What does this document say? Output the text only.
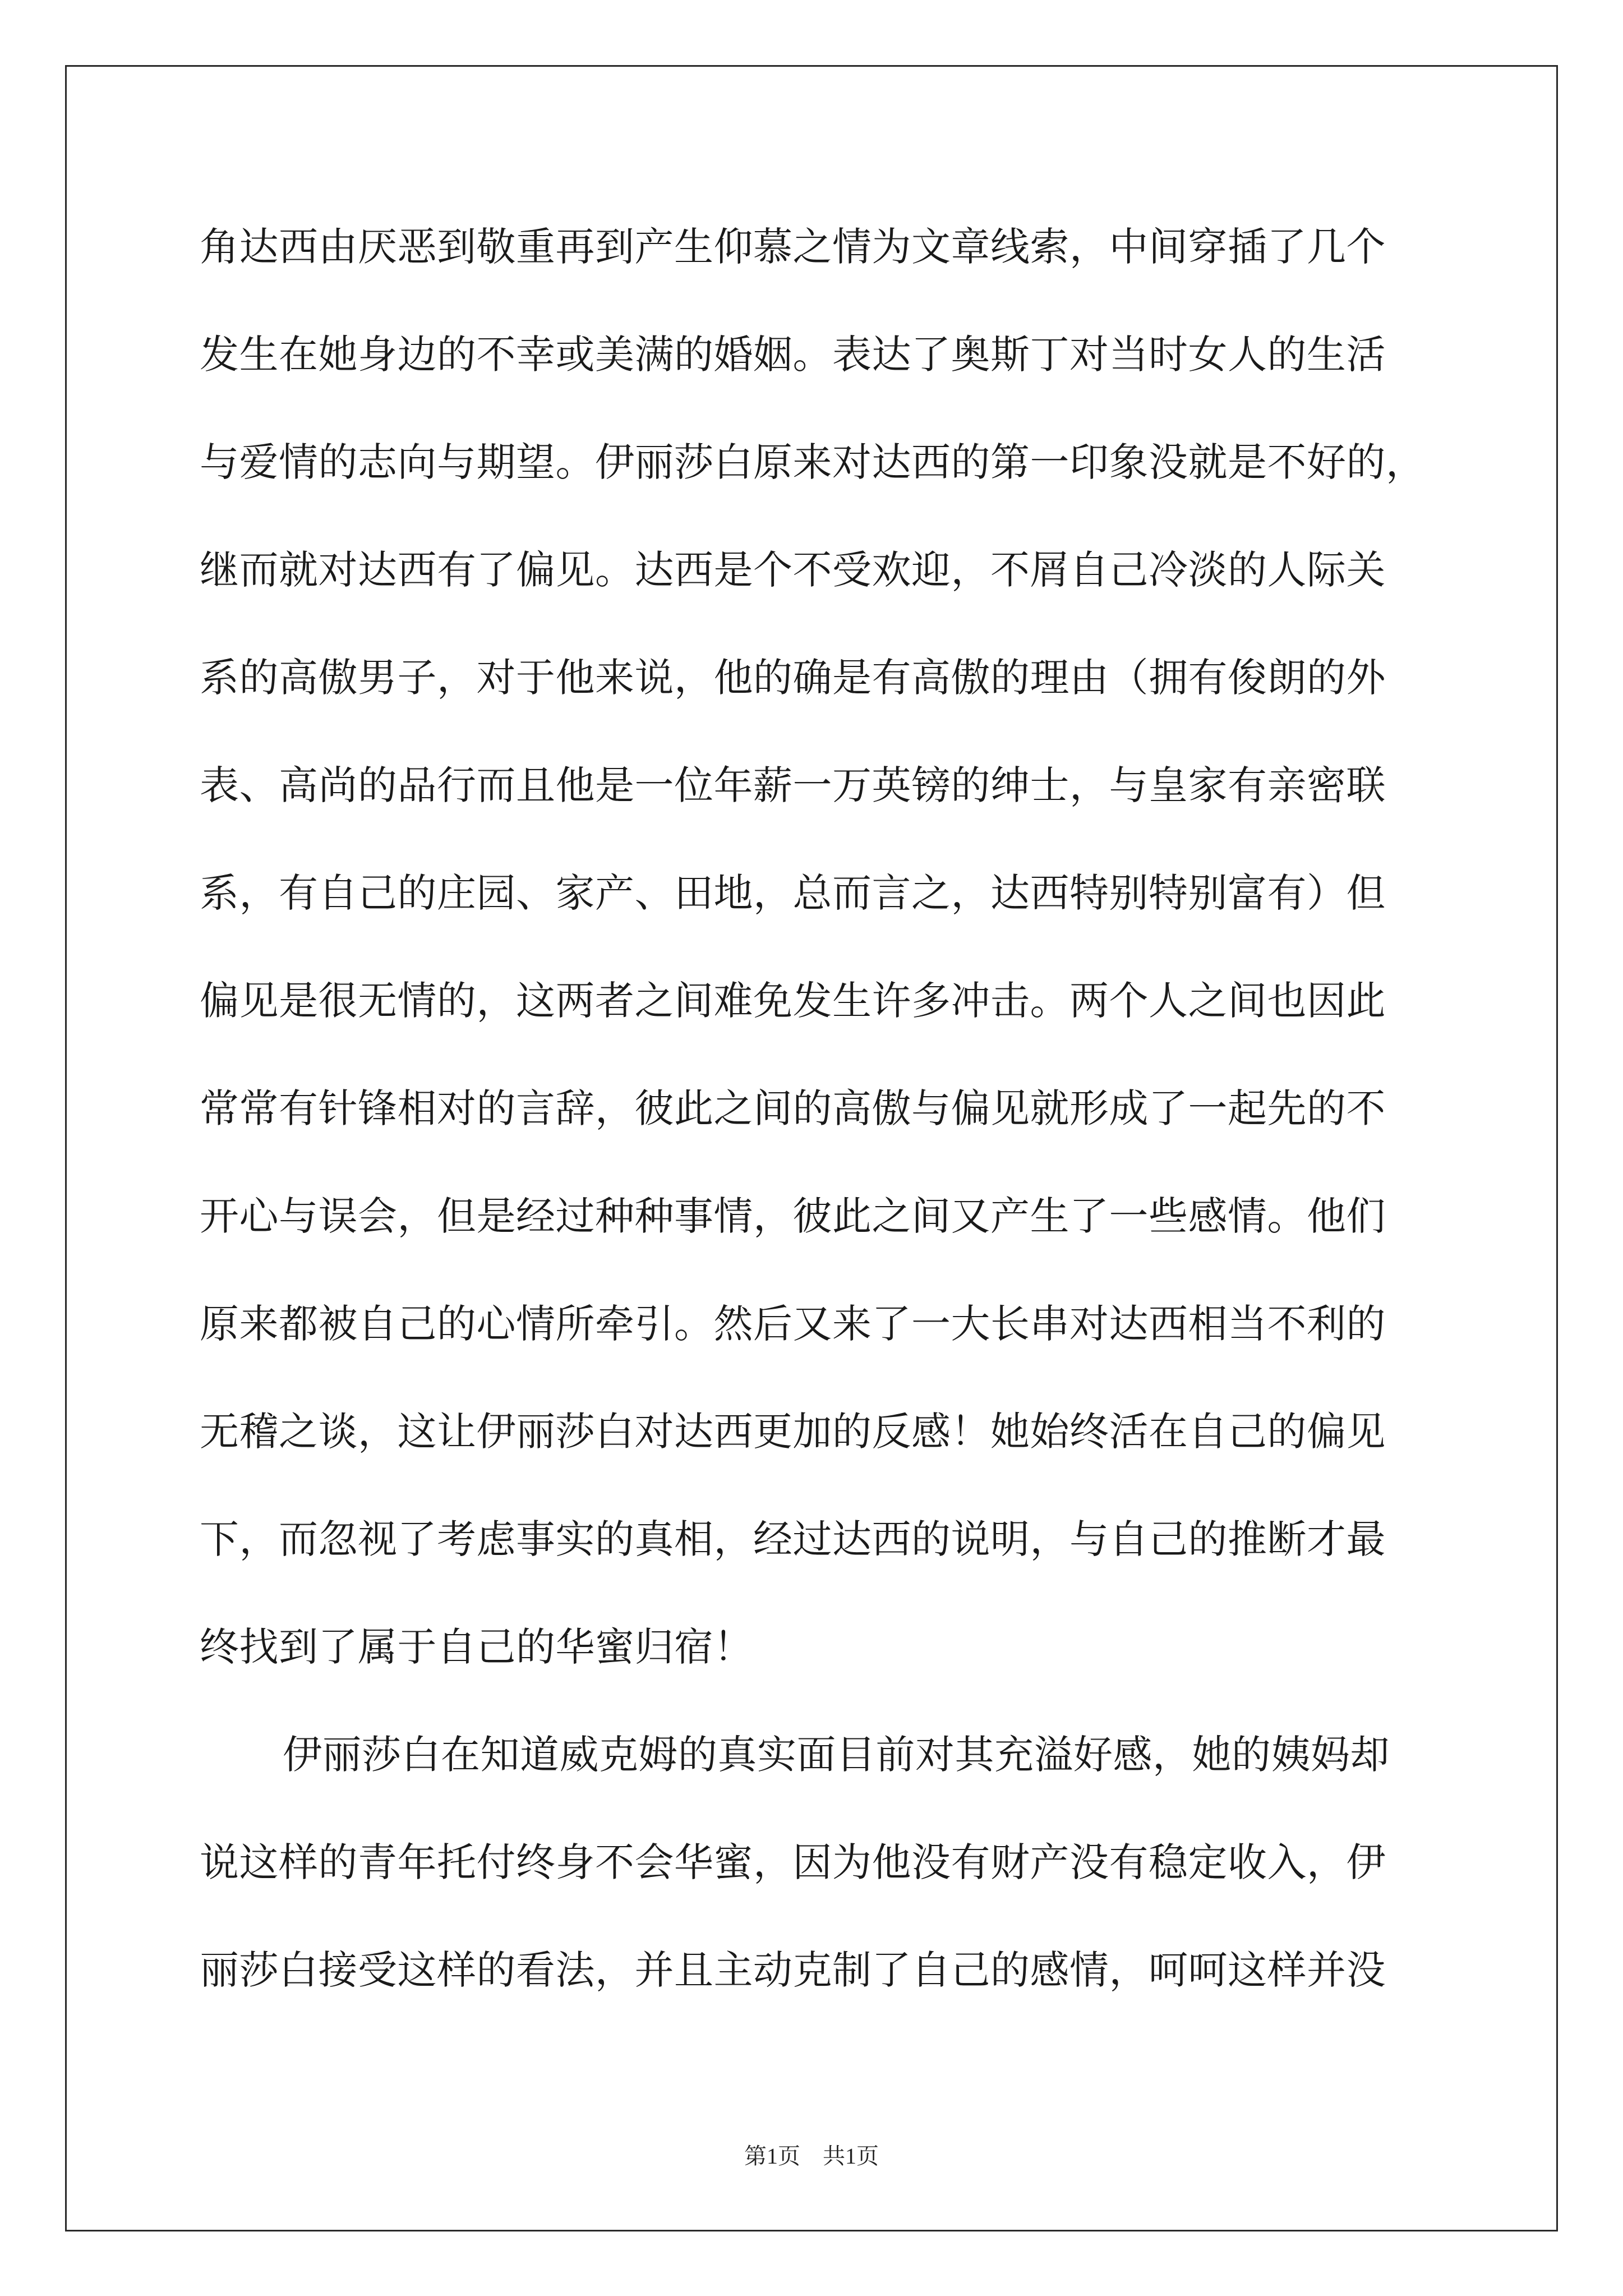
角达西由厌恶到敬重再到产生仰慕之情为文章线索，中间穿插了几个
发生在她身边的不幸或美满的婚姻。表达了奥斯丁对当时女人的生活
与爱情的志向与期望。伊丽莎白原来对达西的第一印象没就是不好的，
继而就对达西有了偏见。达西是个不受欢迎，不屑自己冷淡的人际关
系的高傲男子，对于他来说，他的确是有高傲的理由（拥有俊朗的外
表、高尚的品行而且他是一位年薪一万英镑的绅士，与皇家有亲密联
系，有自己的庄园、家产、田地，总而言之，达西特别特别富有）但
偏见是很无情的，这两者之间难免发生许多冲击。两个人之间也因此
常常有针锋相对的言辞，彼此之间的高傲与偏见就形成了一起先的不
开心与误会，但是经过种种事情，彼此之间又产生了一些感情。他们
原来都被自己的心情所牵引。然后又来了一大长串对达西相当不利的
无稽之谈，这让伊丽莎白对达西更加的反感！她始终活在自己的偏见
下，而忽视了考虑事实的真相，经过达西的说明，与自己的推断才最
终找到了属于自己的华蜜归宿！
伊丽莎白在知道威克姆的真实面目前对其充溢好感，她的姨妈却
说这样的青年托付终身不会华蜜，因为他没有财产没有稳定收入，伊
丽莎白接受这样的看法，并且主动克制了自己的感情，呵呵这样并没
第1页　共1页
